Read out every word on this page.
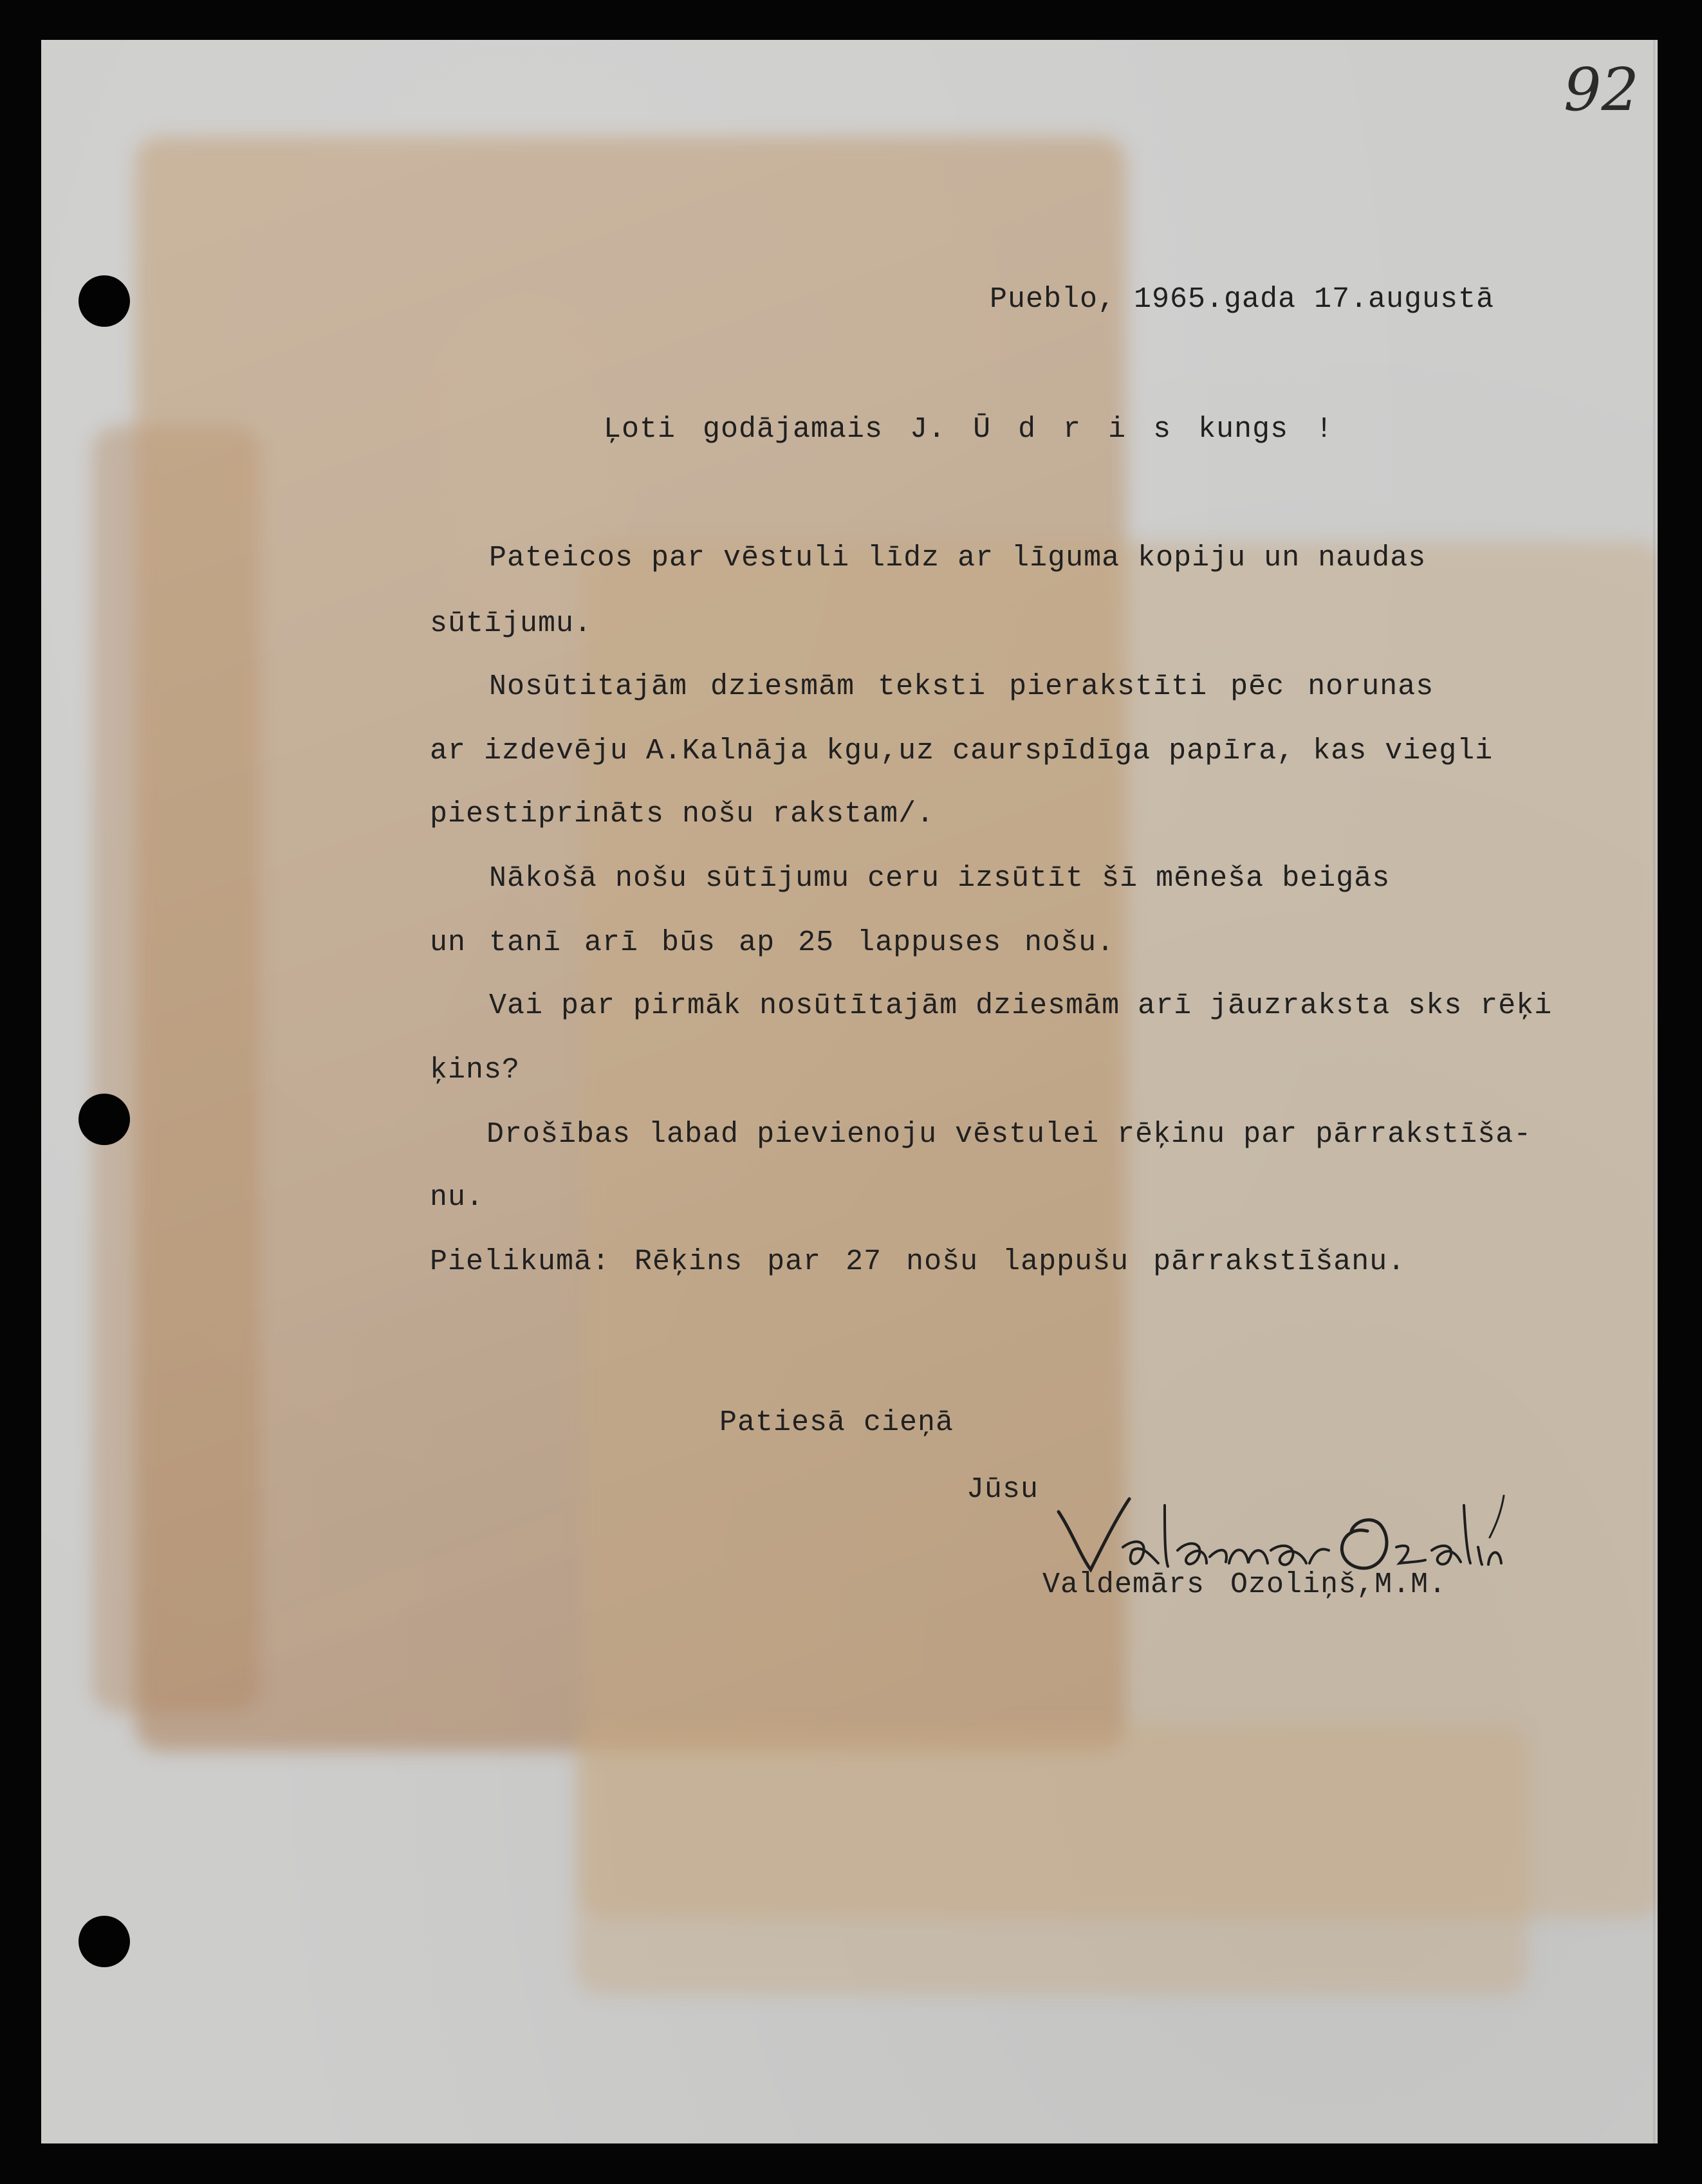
92
Pueblo, 1965.gada 17.augustā
Ļoti godājamais J. Ū d r i s kungs !
Pateicos par vēstuli līdz ar līguma kopiju un naudas
sūtījumu.
Nosūtitajām dziesmām teksti pierakstīti pēc norunas
ar izdevēju A.Kalnāja kgu,uz caurspīdīga papīra, kas viegli
piestiprināts nošu rakstam/.
Nākošā nošu sūtījumu ceru izsūtīt šī mēneša beigās
un tanī arī būs ap 25 lappuses nošu.
Vai par pirmāk nosūtītajām dziesmām arī jāuzraksta sks rēķi
ķins?
Drošības labad pievienoju vēstulei rēķinu par pārrakstīša-
nu.
Pielikumā: Rēķins par 27 nošu lappušu pārrakstīšanu.
Patiesā cieņā
Jūsu
Valdemārs Ozoliņš,M.M.
